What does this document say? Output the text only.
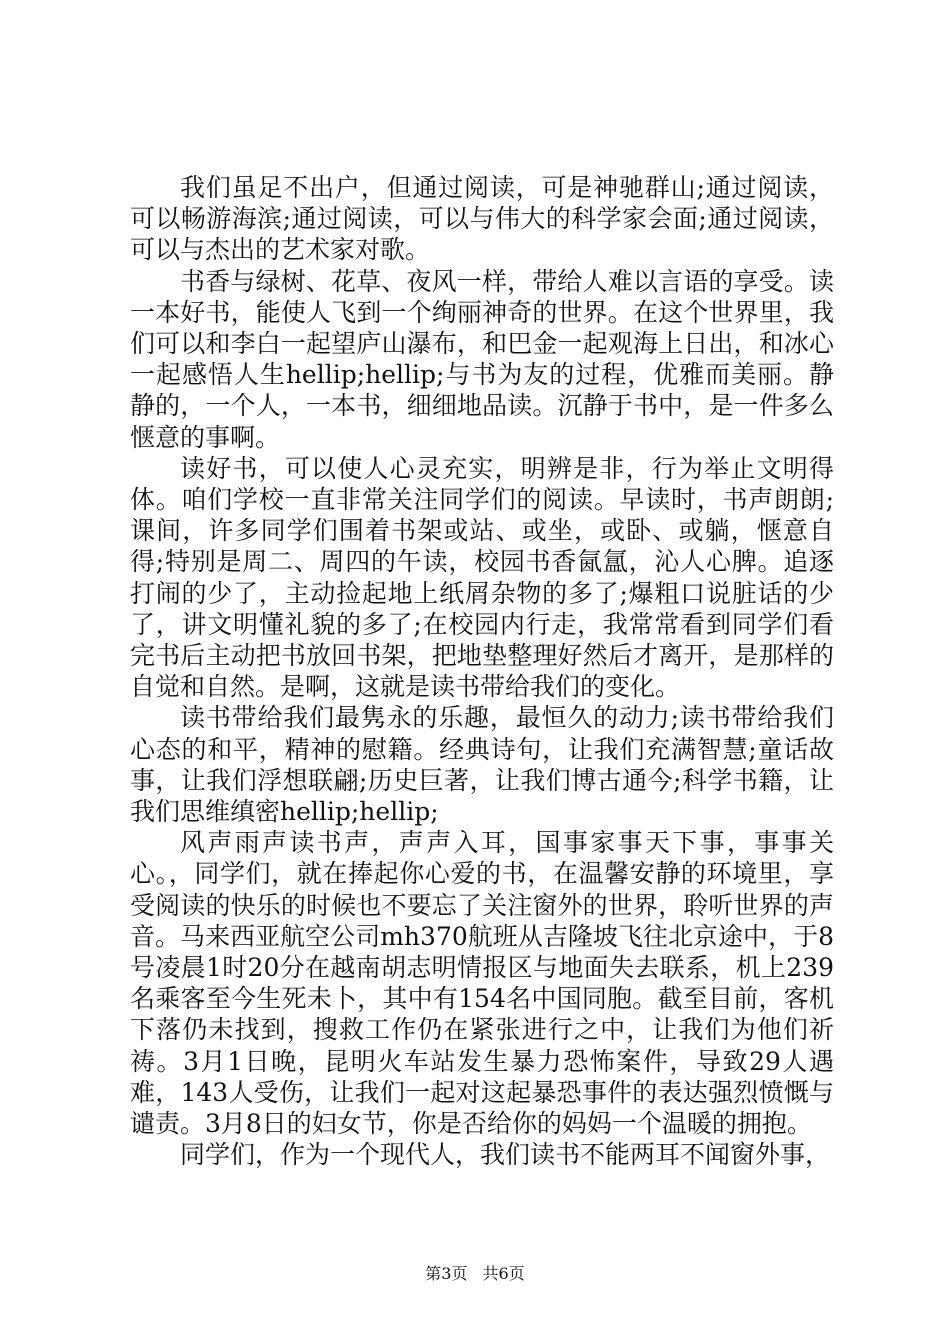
我们虽足不出户，但通过阅读，可是神驰群山;通过阅读，可以畅游海滨;通过阅读，可以与伟大的科学家会面;通过阅读，可以与杰出的艺术家对歌。

书香与绿树、花草、夜风一样，带给人难以言语的享受。读一本好书，能使人飞到一个绚丽神奇的世界。在这个世界里，我们可以和李白一起望庐山瀑布，和巴金一起观海上日出，和冰心一起感悟人生hellip;hellip;与书为友的过程，优雅而美丽。静静的，一个人，一本书，细细地品读。沉静于书中，是一件多么惬意的事啊。

读好书，可以使人心灵充实，明辨是非，行为举止文明得体。咱们学校一直非常关注同学们的阅读。早读时，书声朗朗;课间，许多同学们围着书架或站、或坐，或卧、或躺，惬意自得;特别是周二、周四的午读，校园书香氤氲，沁人心脾。追逐打闹的少了，主动捡起地上纸屑杂物的多了;爆粗口说脏话的少了，讲文明懂礼貌的多了;在校园内行走，我常常看到同学们看完书后主动把书放回书架，把地垫整理好然后才离开，是那样的自觉和自然。是啊，这就是读书带给我们的变化。

读书带给我们最隽永的乐趣，最恒久的动力;读书带给我们心态的和平，精神的慰籍。经典诗句，让我们充满智慧;童话故事，让我们浮想联翩;历史巨著，让我们博古通今;科学书籍，让我们思维缜密hellip;hellip;

风声雨声读书声，声声入耳，国事家事天下事，事事关心。，同学们，就在捧起你心爱的书，在温馨安静的环境里，享受阅读的快乐的时候也不要忘了关注窗外的世界，聆听世界的声音。马来西亚航空公司mh370航班从吉隆坡飞往北京途中，于8号凌晨1时20分在越南胡志明情报区与地面失去联系，机上239名乘客至今生死未卜，其中有154名中国同胞。截至目前，客机下落仍未找到，搜救工作仍在紧张进行之中，让我们为他们祈祷。3月1日晚，昆明火车站发生暴力恐怖案件，导致29人遇难，143人受伤，让我们一起对这起暴恐事件的表达强烈愤慨与谴责。3月8日的妇女节，你是否给你的妈妈一个温暖的拥抱。

同学们，作为一个现代人，我们读书不能两耳不闻窗外事，

第3页 共6页
